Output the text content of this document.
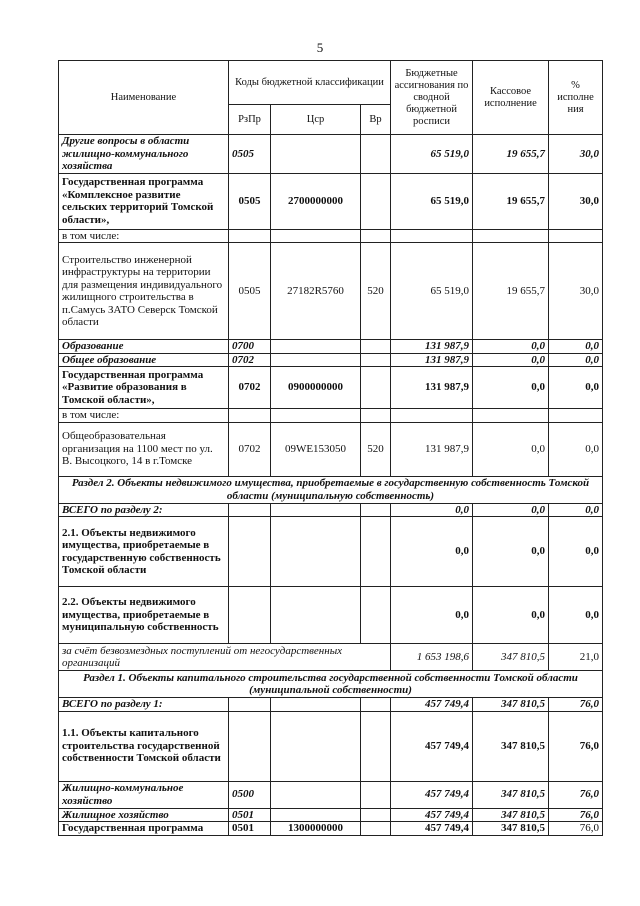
5
Наименование	Коды бюджетной классификации			Бюджетные ассигнования по сводной бюджетной росписи	Кассовое исполнение	% исполне ния
	РзПр	Цср	Вр			
Другие вопросы в области жилищно-коммунального хозяйства	0505			65 519,0	19 655,7	30,0
Государственная программа «Комплексное развитие сельских территорий Томской области»,	0505	2700000000		65 519,0	19 655,7	30,0
в том числе:						
Строительство инженерной инфраструктуры на территории для размещения индивидуального жилищного строительства в п.Самусь ЗАТО Северск Томской области	0505	27182R5760	520	65 519,0	19 655,7	30,0
Образование	0700			131 987,9	0,0	0,0
Общее образование	0702			131 987,9	0,0	0,0
Государственная программа «Развитие образования в Томской области»,	0702	0900000000		131 987,9	0,0	0,0
в том числе:						
Общеобразовательная организация на 1100 мест по ул. В. Высоцкого, 14 в г.Томске	0702	09WE153050	520	131 987,9	0,0	0,0
Раздел 2. Объекты недвижимого имущества, приобретаемые в государственную собственность Томской области (муниципальную собственность)						
ВСЕГО по разделу 2:				0,0	0,0	0,0
2.1. Объекты недвижимого имущества, приобретаемые в государственную собственность Томской области				0,0	0,0	0,0
2.2. Объекты недвижимого имущества, приобретаемые в муниципальную собственность				0,0	0,0	0,0
за счёт безвозмездных поступлений от негосударственных организаций				1 653 198,6	347 810,5	21,0
Раздел 1. Объекты капитального строительства государственной собственности Томской области (муниципальной собственности)						
ВСЕГО по разделу 1:				457 749,4	347 810,5	76,0
1.1. Объекты капитального строительства государственной собственности Томской области				457 749,4	347 810,5	76,0
Жилищно-коммунальное хозяйство	0500			457 749,4	347 810,5	76,0
Жилищное хозяйство	0501			457 749,4	347 810,5	76,0
Государственная программа	0501	1300000000		457 749,4	347 810,5	76,0
